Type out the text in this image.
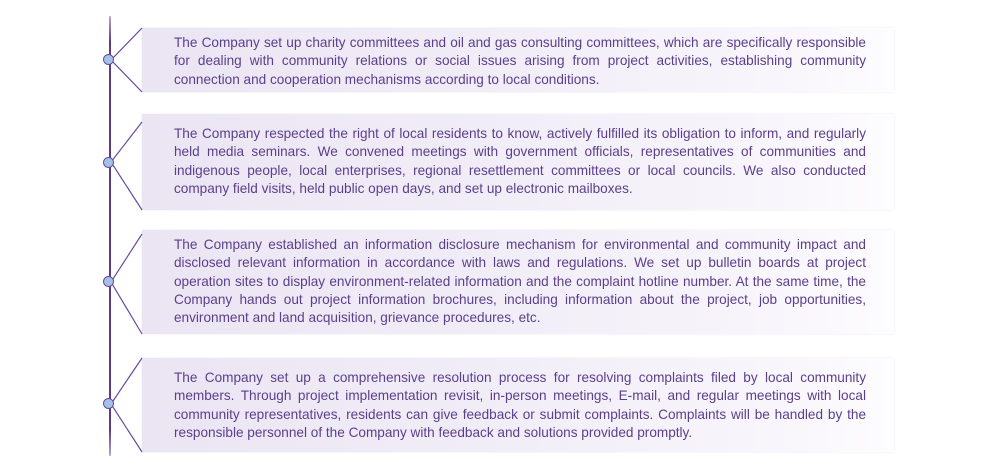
The Company set up charity committees and oil and gas consulting committees, which are specifically responsible for dealing with community relations or social issues arising from project activities, establishing community connection and cooperation mechanisms according to local conditions.

The Company respected the right of local residents to know, actively fulfilled its obligation to inform, and regularly held media seminars. We convened meetings with government officials, representatives of communities and indigenous people, local enterprises, regional resettlement committees or local councils. We also conducted company field visits, held public open days, and set up electronic mailboxes.

The Company established an information disclosure mechanism for environmental and community impact and disclosed relevant information in accordance with laws and regulations. We set up bulletin boards at project operation sites to display environment-related information and the complaint hotline number. At the same time, the Company hands out project information brochures, including information about the project, job opportunities, environment and land acquisition, grievance procedures, etc.

The Company set up a comprehensive resolution process for resolving complaints filed by local community members. Through project implementation revisit, in-person meetings, E-mail, and regular meetings with local community representatives, residents can give feedback or submit complaints. Complaints will be handled by the responsible personnel of the Company with feedback and solutions provided promptly.
